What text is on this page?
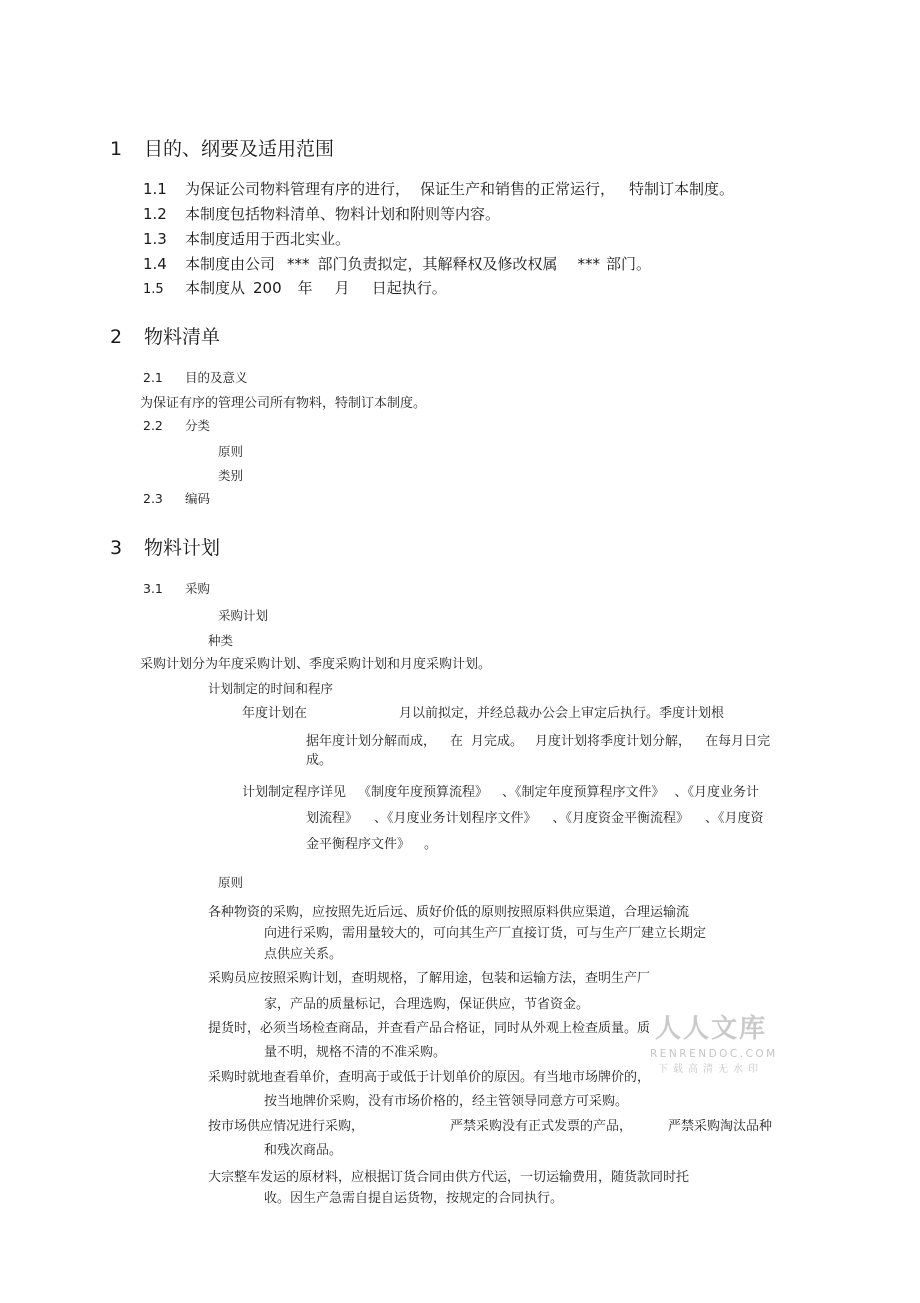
1 目的、纲要及适用范围
1.1 为保证公司物料管理有序的进行， 保证生产和销售的正常运行， 特制订本制度。
1.2 本制度包括物料清单、物料计划和附则等内容。
1.3 本制度适用于西北实业。
1.4 本制度由公司 *** 部门负责拟定，其解释权及修改权属 *** 部门。
1.5 本制度从 200 年 月 日起执行。
2 物料清单
2.1 目的及意义
为保证有序的管理公司所有物料，特制订本制度。
2.2 分类
原则
类别
2.3 编码
3 物料计划
3.1 采购
采购计划
种类
采购计划分为年度采购计划、季度采购计划和月度采购计划。
计划制定的时间和程序
年度计划在	月以前拟定，并经总裁办公会上审定后执行。季度计划根
据年度计划分解而成， 在 月完成。 月度计划将季度计划分解， 在每月日完
成。
计划制定程序详见 《制度年度预算流程》 、《制定年度预算程序文件》 、《月度业务计
划流程》 、《月度业务计划程序文件》 、《月度资金平衡流程》 、《月度资
金平衡程序文件》 。
原则
各种物资的采购，应按照先近后远、质好价低的原则按照原料供应渠道，合理运输流
向进行采购，需用量较大的，可向其生产厂直接订货，可与生产厂建立长期定
点供应关系。
采购员应按照采购计划，查明规格，了解用途，包装和运输方法，查明生产厂
家，产品的质量标记，合理选购，保证供应，节省资金。
提货时，必须当场检查商品，并查看产品合格证，同时从外观上检查质量。质
量不明，规格不清的不准采购。
采购时就地查看单价，查明高于或低于计划单价的原因。有当地市场牌价的，
按当地牌价采购，没有市场价格的，经主管领导同意方可采购。
按市场供应情况进行采购，	严禁采购没有正式发票的产品，	严禁采购淘汰品种
和残次商品。
大宗整车发运的原材料，应根据订货合同由供方代运，一切运输费用，随货款同时托
收。因生产急需自提自运货物，按规定的合同执行。
人人文库
RENRENDOC.COM
下载高清无水印
